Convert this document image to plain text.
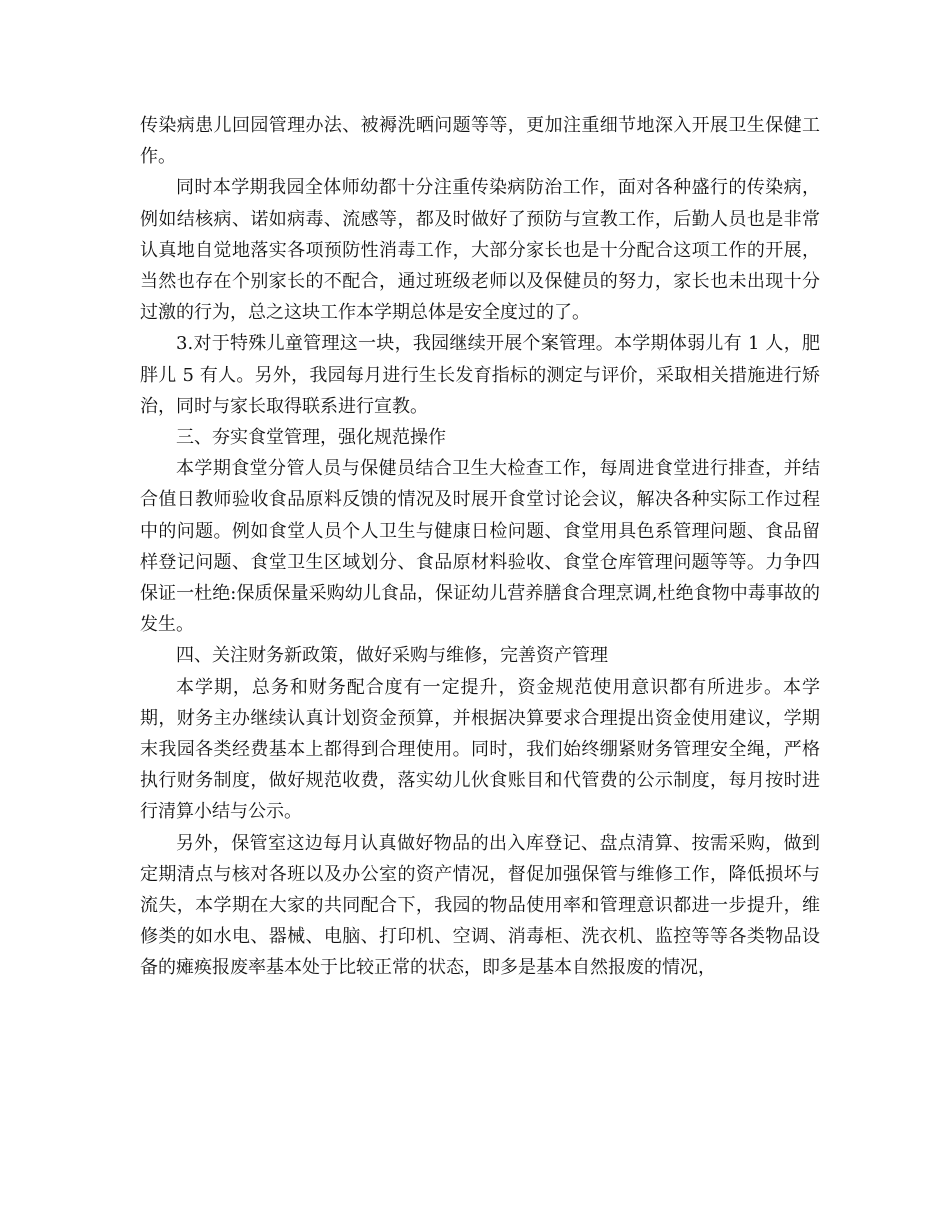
传染病患儿回园管理办法、被褥洗晒问题等等，更加注重细节地深入开展卫生保健工作。

同时本学期我园全体师幼都十分注重传染病防治工作，面对各种盛行的传染病，例如结核病、诺如病毒、流感等，都及时做好了预防与宣教工作，后勤人员也是非常认真地自觉地落实各项预防性消毒工作，大部分家长也是十分配合这项工作的开展，当然也存在个别家长的不配合，通过班级老师以及保健员的努力，家长也未出现十分过激的行为，总之这块工作本学期总体是安全度过的了。

3.对于特殊儿童管理这一块，我园继续开展个案管理。本学期体弱儿有 1 人，肥胖儿 5 有人。另外，我园每月进行生长发育指标的测定与评价，采取相关措施进行矫治，同时与家长取得联系进行宣教。

三、夯实食堂管理，强化规范操作

本学期食堂分管人员与保健员结合卫生大检查工作，每周进食堂进行排查，并结合值日教师验收食品原料反馈的情况及时展开食堂讨论会议，解决各种实际工作过程中的问题。例如食堂人员个人卫生与健康日检问题、食堂用具色系管理问题、食品留样登记问题、食堂卫生区域划分、食品原材料验收、食堂仓库管理问题等等。力争四保证一杜绝:保质保量采购幼儿食品，保证幼儿营养膳食合理烹调,杜绝食物中毒事故的发生。

四、关注财务新政策，做好采购与维修，完善资产管理

本学期，总务和财务配合度有一定提升，资金规范使用意识都有所进步。本学期，财务主办继续认真计划资金预算，并根据决算要求合理提出资金使用建议，学期末我园各类经费基本上都得到合理使用。同时，我们始终绷紧财务管理安全绳，严格执行财务制度，做好规范收费，落实幼儿伙食账目和代管费的公示制度，每月按时进行清算小结与公示。

另外，保管室这边每月认真做好物品的出入库登记、盘点清算、按需采购，做到定期清点与核对各班以及办公室的资产情况，督促加强保管与维修工作，降低损坏与流失，本学期在大家的共同配合下，我园的物品使用率和管理意识都进一步提升，维修类的如水电、器械、电脑、打印机、空调、消毒柜、洗衣机、监控等等各类物品设备的瘫痪报废率基本处于比较正常的状态，即多是基本自然报废的情况，
